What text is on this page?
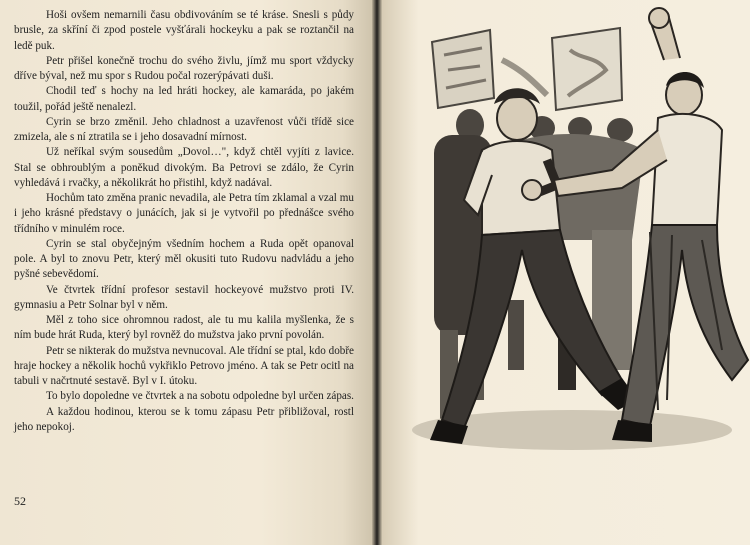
Hoši ovšem nemarnili času obdivováním se té krásе. Snesli s půdy brusle, za skříní či zpod postele vyšťárali hockeyku a pak se roztančil na ledě puk.

Petr přišel konečně trochu do svého živlu, jímž mu sport vždycky dříve býval, než mu spor s Rudou počal rozerýpávati duši.

Chodil teď s hochy na led hráti hockey, ale kamaráda, po jakém toužil, pořád ještě nenalezl.

Cyrin se brzo změnil. Jeho chladnost a uzavřenost vůči třídě sice zmizela, ale s ní ztratila se i jeho dosavadní mírnost.

Už neříkal svým sousedům „Dovol…", když chtěl vyjíti z lavice. Stal se obhroublým a poněkud divokým. Ba Petrovi se zdálo, že Cyrin vyhledává i rvačky, a několikrát ho přistihl, když nadával.

Hochům tato změna pranic nevadila, ale Petra tím zklamal a vzal mu i jeho krásné představy o junácích, jak si je vytvořil po přednášce svého třídního v minulém roce.

Cyrin se stal obyčejným všedním hochem a Ruda opět opanoval pole. A byl to znovu Petr, který měl okusiti tuto Rudovu nadvládu a jeho pyšné sebevědomí.

Ve čtvrtek třídní profesor sestavil hockeyové mužstvo proti IV. gymnasiu a Petr Solnar byl v něm.

Měl z toho sice ohromnou radost, ale tu mu kalila myšlenka, že s ním bude hrát Ruda, který byl rovněž do mužstva jako první povolán.

Petr se nikterak do mužstva nevnucoval. Ale třídní se ptal, kdo dobře hraje hockey a několik hochů vykřiklo Petrovo jméno. A tak se Petr ocitl na tabuli v načrtnuté sestavě. Byl v I. útoku.

To bylo dopoledne ve čtvrtek a na sobotu odpoledne byl určen zápas.

A každou hodinou, kterou se k tomu zápasu Petr přibližoval, rostl jeho nepokoj.

52
